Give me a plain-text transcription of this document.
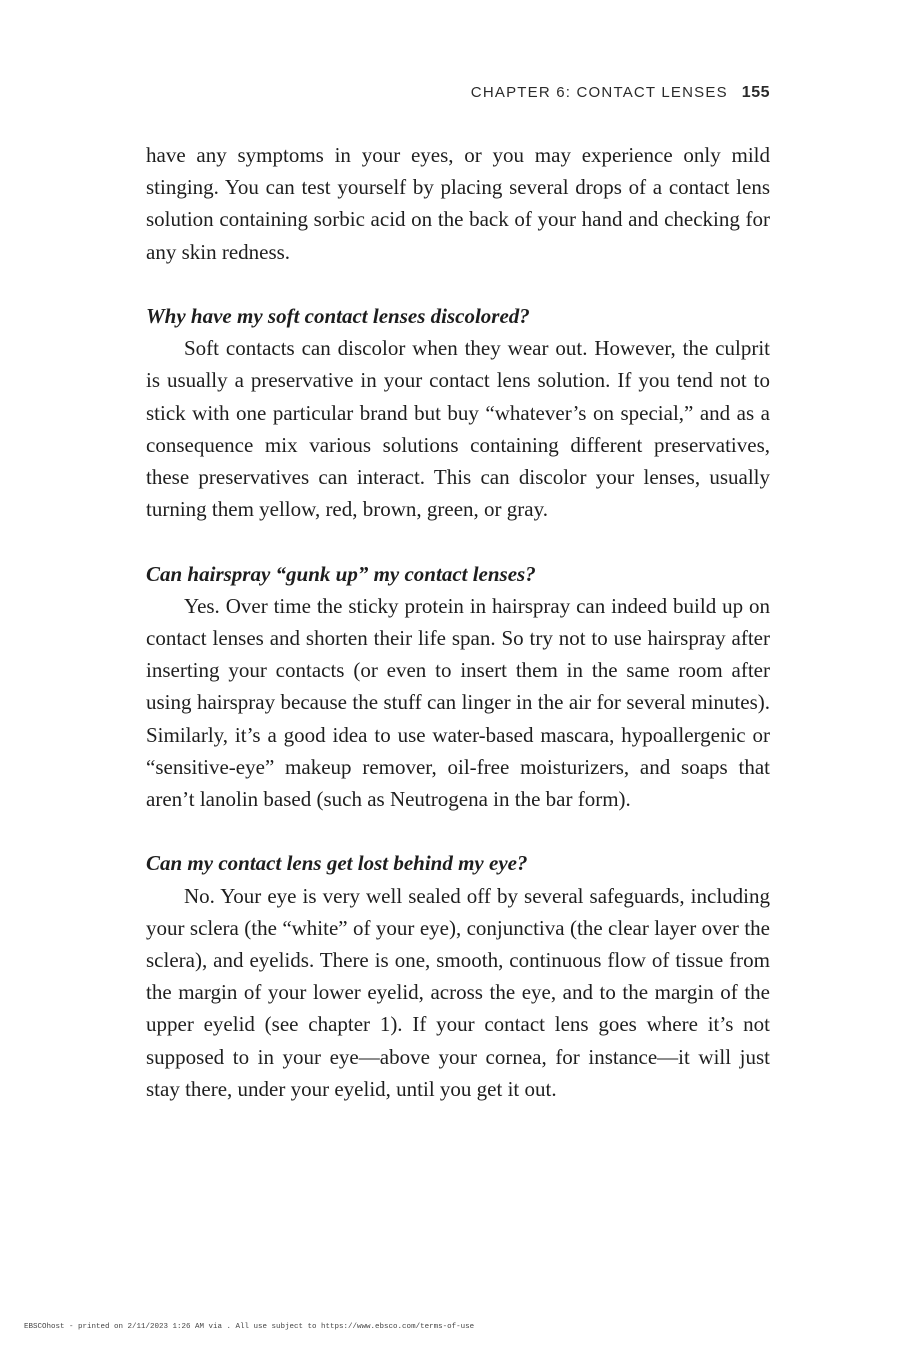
CHAPTER 6: CONTACT LENSES 155

have any symptoms in your eyes, or you may experience only mild stinging. You can test yourself by placing several drops of a contact lens solution containing sorbic acid on the back of your hand and checking for any skin redness.

Why have my soft contact lenses discolored?

Soft contacts can discolor when they wear out. However, the culprit is usually a preservative in your contact lens solution. If you tend not to stick with one particular brand but buy “whatever’s on special,” and as a consequence mix various solutions containing different preservatives, these preservatives can interact. This can discolor your lenses, usually turning them yellow, red, brown, green, or gray.

Can hairspray “gunk up” my contact lenses?

Yes. Over time the sticky protein in hairspray can indeed build up on contact lenses and shorten their life span. So try not to use hairspray after inserting your contacts (or even to insert them in the same room after using hairspray because the stuff can linger in the air for several minutes). Similarly, it’s a good idea to use water-based mascara, hypoallergenic or “sensitive-eye” makeup remover, oil-free moisturizers, and soaps that aren’t lanolin based (such as Neutrogena in the bar form).

Can my contact lens get lost behind my eye?

No. Your eye is very well sealed off by several safeguards, including your sclera (the “white” of your eye), conjunctiva (the clear layer over the sclera), and eyelids. There is one, smooth, continuous flow of tissue from the margin of your lower eyelid, across the eye, and to the margin of the upper eyelid (see chapter 1). If your contact lens goes where it’s not supposed to in your eye—above your cornea, for instance—it will just stay there, under your eyelid, until you get it out.

EBSCOhost - printed on 2/11/2023 1:26 AM via . All use subject to https://www.ebsco.com/terms-of-use
